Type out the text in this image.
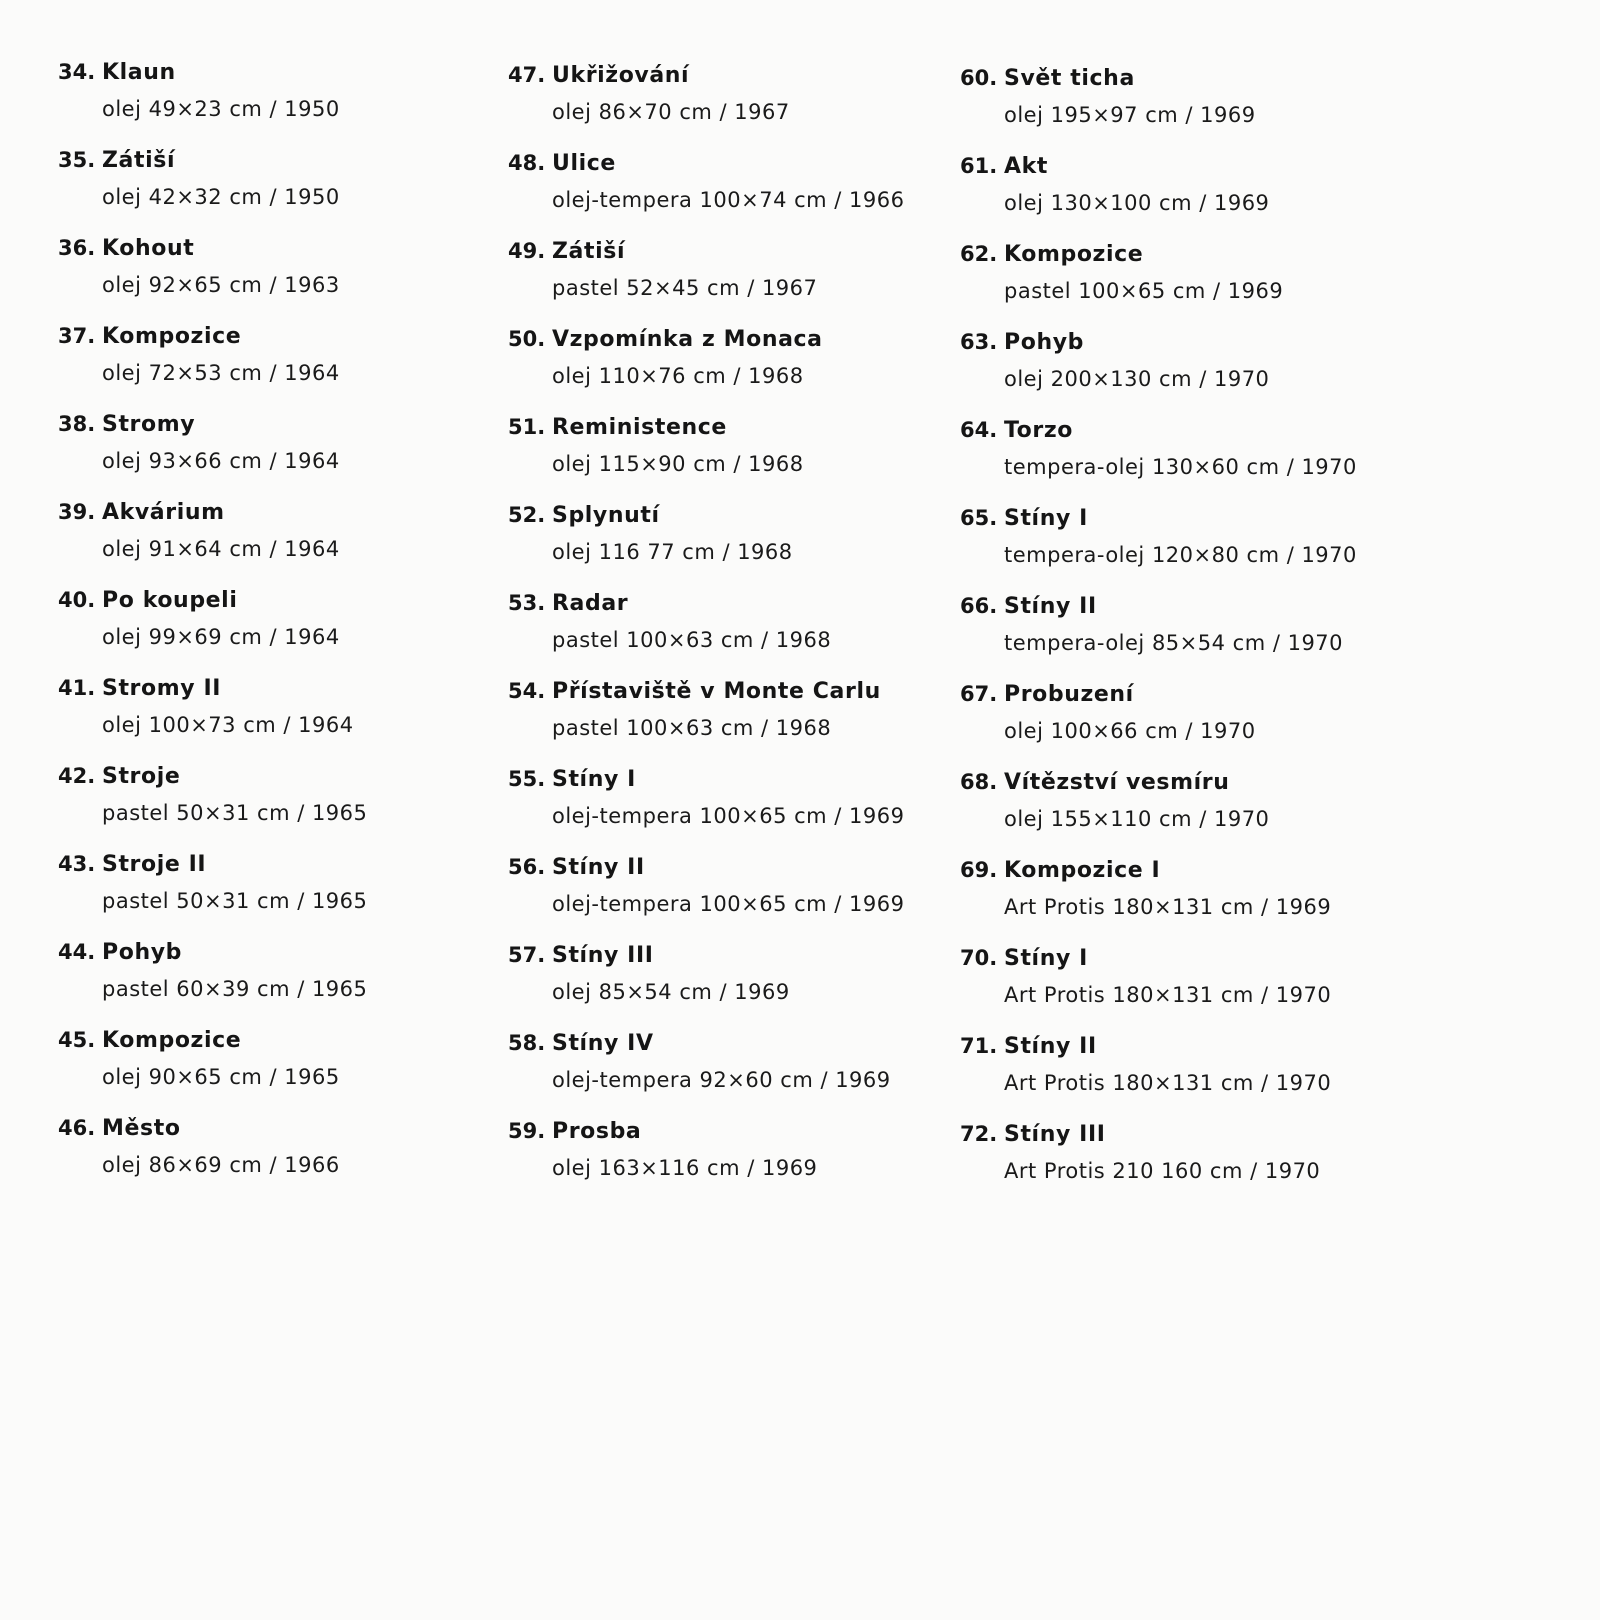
34. Klaun
olej 49×23 cm / 1950
35. Zátiší
olej 42×32 cm / 1950
36. Kohout
olej 92×65 cm / 1963
37. Kompozice
olej 72×53 cm / 1964
38. Stromy
olej 93×66 cm / 1964
39. Akvárium
olej 91×64 cm / 1964
40. Po koupeli
olej 99×69 cm / 1964
41. Stromy II
olej 100×73 cm / 1964
42. Stroje
pastel 50×31 cm / 1965
43. Stroje II
pastel 50×31 cm / 1965
44. Pohyb
pastel 60×39 cm / 1965
45. Kompozice
olej 90×65 cm / 1965
46. Město
olej 86×69 cm / 1966
47. Ukřižování
olej 86×70 cm / 1967
48. Ulice
olej-tempera 100×74 cm / 1966
49. Zátiší
pastel 52×45 cm / 1967
50. Vzpomínka z Monaca
olej 110×76 cm / 1968
51. Reministence
olej 115×90 cm / 1968
52. Splynutí
olej 116 77 cm / 1968
53. Radar
pastel 100×63 cm / 1968
54. Přístaviště v Monte Carlu
pastel 100×63 cm / 1968
55. Stíny I
olej-tempera 100×65 cm / 1969
56. Stíny II
olej-tempera 100×65 cm / 1969
57. Stíny III
olej 85×54 cm / 1969
58. Stíny IV
olej-tempera 92×60 cm / 1969
59. Prosba
olej 163×116 cm / 1969
60. Svět ticha
olej 195×97 cm / 1969
61. Akt
olej 130×100 cm / 1969
62. Kompozice
pastel 100×65 cm / 1969
63. Pohyb
olej 200×130 cm / 1970
64. Torzo
tempera-olej 130×60 cm / 1970
65. Stíny I
tempera-olej 120×80 cm / 1970
66. Stíny II
tempera-olej 85×54 cm / 1970
67. Probuzení
olej 100×66 cm / 1970
68. Vítězství vesmíru
olej 155×110 cm / 1970
69. Kompozice I
Art Protis 180×131 cm / 1969
70. Stíny I
Art Protis 180×131 cm / 1970
71. Stíny II
Art Protis 180×131 cm / 1970
72. Stíny III
Art Protis 210 160 cm / 1970
